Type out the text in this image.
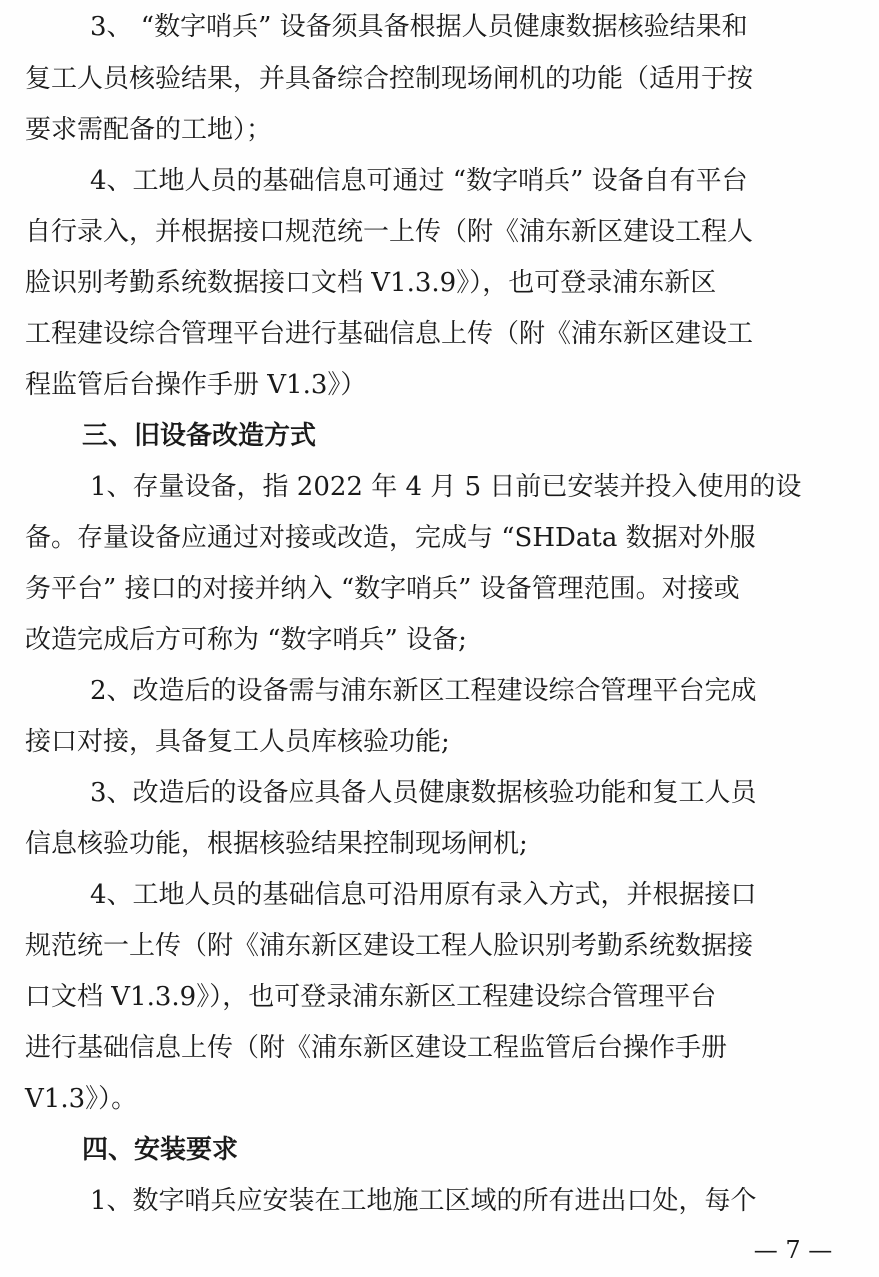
3、 “数字哨兵” 设备须具备根据人员健康数据核验结果和
复工人员核验结果，并具备综合控制现场闸机的功能（适用于按
要求需配备的工地）；
4、工地人员的基础信息可通过 “数字哨兵” 设备自有平台
自行录入，并根据接口规范统一上传（附《浦东新区建设工程人
脸识别考勤系统数据接口文档 V1.3.9》），也可登录浦东新区
工程建设综合管理平台进行基础信息上传（附《浦东新区建设工
程监管后台操作手册 V1.3》）
三、旧设备改造方式
1、存量设备，指 2022 年 4 月 5 日前已安装并投入使用的设
备。存量设备应通过对接或改造，完成与 “SHData 数据对外服
务平台” 接口的对接并纳入 “数字哨兵” 设备管理范围。对接或
改造完成后方可称为 “数字哨兵” 设备;
2、改造后的设备需与浦东新区工程建设综合管理平台完成
接口对接，具备复工人员库核验功能;
3、改造后的设备应具备人员健康数据核验功能和复工人员
信息核验功能，根据核验结果控制现场闸机;
4、工地人员的基础信息可沿用原有录入方式，并根据接口
规范统一上传（附《浦东新区建设工程人脸识别考勤系统数据接
口文档 V1.3.9》），也可登录浦东新区工程建设综合管理平台
进行基础信息上传（附《浦东新区建设工程监管后台操作手册
V1.3》）。
四、安装要求
1、数字哨兵应安装在工地施工区域的所有进出口处，每个
— 7 —
